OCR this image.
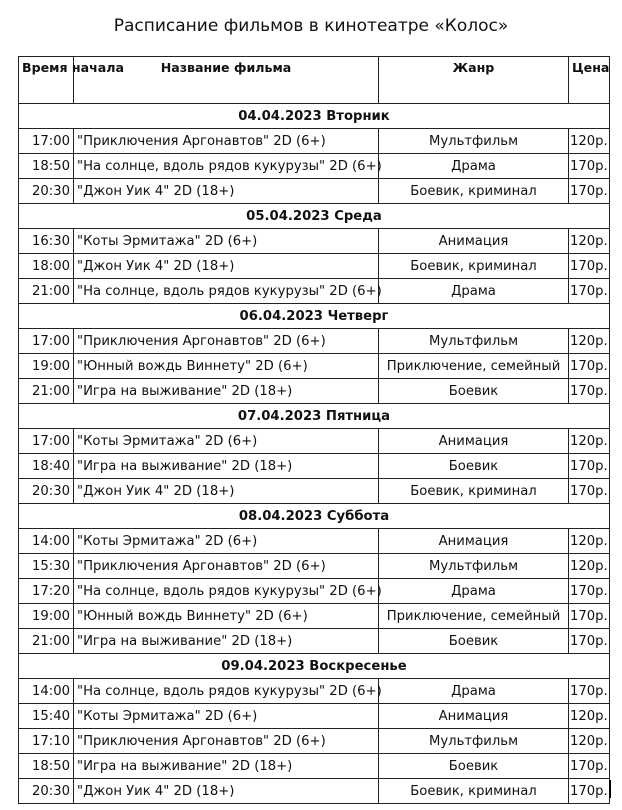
Расписание фильмов в кинотеатре «Колос»
Время начала	Название фильма	Жанр	Цена
04.04.2023 Вторник			
17:00	"Приключения Аргонавтов" 2D (6+)	Мультфильм	120р.
18:50	"На солнце, вдоль рядов кукурузы" 2D (6+)	Драма	170р.
20:30	"Джон Уик 4" 2D (18+)	Боевик, криминал	170р.
05.04.2023 Среда			
16:30	"Коты Эрмитажа" 2D (6+)	Анимация	120р.
18:00	"Джон Уик 4" 2D (18+)	Боевик, криминал	170р.
21:00	"На солнце, вдоль рядов кукурузы" 2D (6+)	Драма	170р.
06.04.2023 Четверг			
17:00	"Приключения Аргонавтов" 2D (6+)	Мультфильм	120р.
19:00	"Юнный вождь Виннету" 2D (6+)	Приключение, семейный	170р.
21:00	"Игра на выживание" 2D (18+)	Боевик	170р.
07.04.2023 Пятница			
17:00	"Коты Эрмитажа" 2D (6+)	Анимация	120р.
18:40	"Игра на выживание" 2D (18+)	Боевик	170р.
20:30	"Джон Уик 4" 2D (18+)	Боевик, криминал	170р.
08.04.2023 Суббота			
14:00	"Коты Эрмитажа" 2D (6+)	Анимация	120р.
15:30	"Приключения Аргонавтов" 2D (6+)	Мультфильм	120р.
17:20	"На солнце, вдоль рядов кукурузы" 2D (6+)	Драма	170р.
19:00	"Юнный вождь Виннету" 2D (6+)	Приключение, семейный	170р.
21:00	"Игра на выживание" 2D (18+)	Боевик	170р.
09.04.2023 Воскресенье			
14:00	"На солнце, вдоль рядов кукурузы" 2D (6+)	Драма	170р.
15:40	"Коты Эрмитажа" 2D (6+)	Анимация	120р.
17:10	"Приключения Аргонавтов" 2D (6+)	Мультфильм	120р.
18:50	"Игра на выживание" 2D (18+)	Боевик	170р.
20:30	"Джон Уик 4" 2D (18+)	Боевик, криминал	170р.
